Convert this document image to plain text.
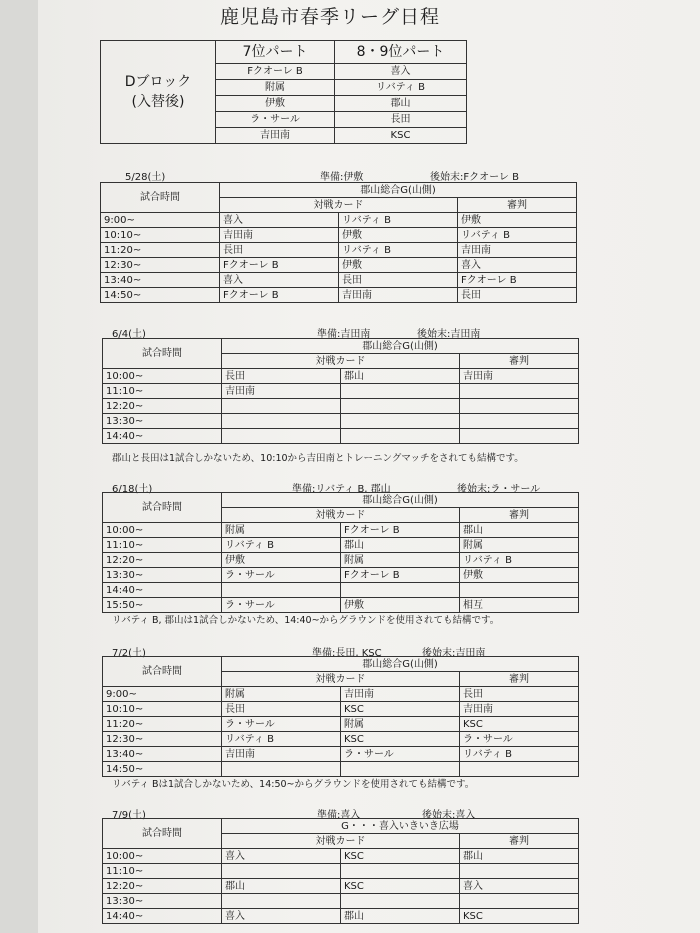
鹿児島市春季リーグ日程
Dブロック
(入替後)	7位パート	8・9位パート
	Fクオーレ B	喜入
	附属	リバティ B
	伊敷	郡山
	ラ・サール	長田
	吉田南	KSC
5/28(土)	準備:伊敷	後始末:Fクオーレ B
試合時間	郡山総合G(山側)		
	対戦カード		審判
9:00~	喜入	リバティ B	伊敷
10:10~	吉田南	伊敷	リバティ B
11:20~	長田	リバティ B	吉田南
12:30~	Fクオーレ B	伊敷	喜入
13:40~	喜入	長田	Fクオーレ B
14:50~	Fクオーレ B	吉田南	長田
6/4(土)	準備:吉田南	後始末:吉田南
試合時間	郡山総合G(山側)		
	対戦カード		審判
10:00~	長田	郡山	吉田南
11:10~	吉田南		
12:20~			
13:30~			
14:40~			
郡山と長田は1試合しかないため、10:10から吉田南とトレーニングマッチをされても結構です。
6/18(土)	準備:リバティ B, 郡山	後始末:ラ・サール
試合時間	郡山総合G(山側)		
	対戦カード		審判
10:00~	附属	Fクオーレ B	郡山
11:10~	リバティ B	郡山	附属
12:20~	伊敷	附属	リバティ B
13:30~	ラ・サール	Fクオーレ B	伊敷
14:40~			
15:50~	ラ・サール	伊敷	相互
リバティ B, 郡山は1試合しかないため、14:40~からグラウンドを使用されても結構です。
7/2(土)	準備:長田, KSC	後始末:吉田南
試合時間	郡山総合G(山側)		
	対戦カード		審判
9:00~	附属	吉田南	長田
10:10~	長田	KSC	吉田南
11:20~	ラ・サール	附属	KSC
12:30~	リバティ B	KSC	ラ・サール
13:40~	吉田南	ラ・サール	リバティ B
14:50~			
リバティ Bは1試合しかないため、14:50~からグラウンドを使用されても結構です。
7/9(土)	準備:喜入	後始末:喜入
試合時間	G・・・喜入いきいき広場		
	対戦カード		審判
10:00~	喜入	KSC	郡山
11:10~			
12:20~	郡山	KSC	喜入
13:30~			
14:40~	喜入	郡山	KSC
